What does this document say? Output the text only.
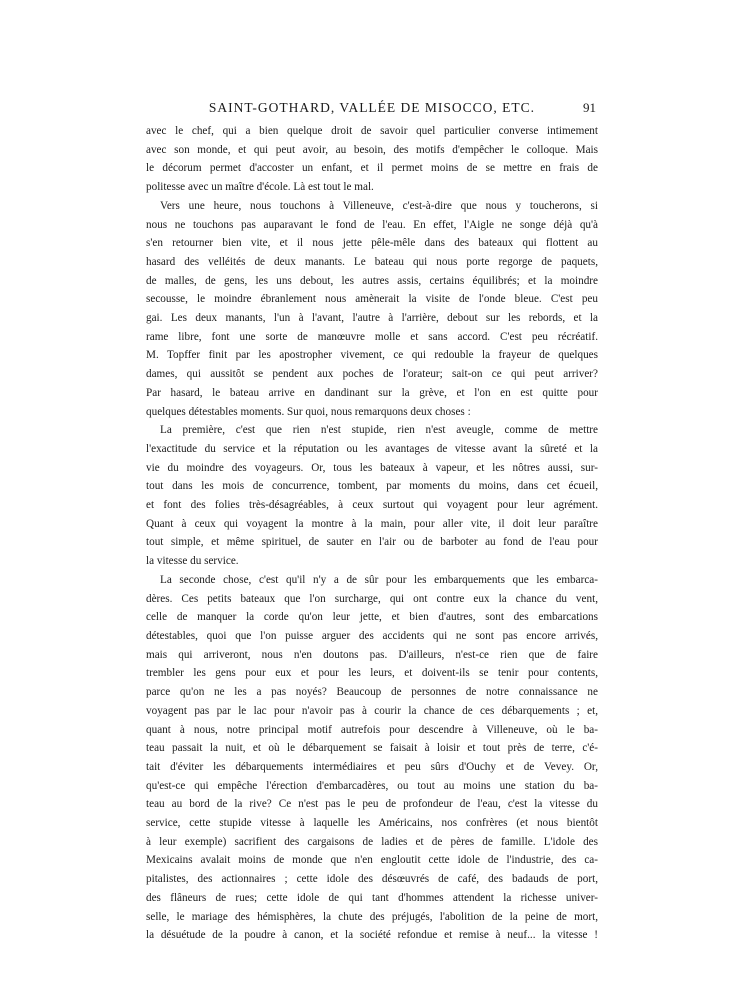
SAINT-GOTHARD, VALLÉE DE MISOCCO, ETC.	91
avec le chef, qui a bien quelque droit de savoir quel particulier converse intimement
avec son monde, et qui peut avoir, au besoin, des motifs d'empêcher le colloque. Mais
le décorum permet d'accoster un enfant, et il permet moins de se mettre en frais de
politesse avec un maître d'école. Là est tout le mal.
Vers une heure, nous touchons à Villeneuve, c'est-à-dire que nous y toucherons, si
nous ne touchons pas auparavant le fond de l'eau. En effet, l'Aigle ne songe déjà qu'à
s'en retourner bien vite, et il nous jette pêle-mêle dans des bateaux qui flottent au
hasard des velléités de deux manants. Le bateau qui nous porte regorge de paquets,
de malles, de gens, les uns debout, les autres assis, certains équilibrés; et la moindre
secousse, le moindre ébranlement nous amènerait la visite de l'onde bleue. C'est peu
gai. Les deux manants, l'un à l'avant, l'autre à l'arrière, debout sur les rebords, et la
rame libre, font une sorte de manœuvre molle et sans accord. C'est peu récréatif.
M. Topffer finit par les apostropher vivement, ce qui redouble la frayeur de quelques
dames, qui aussitôt se pendent aux poches de l'orateur; sait-on ce qui peut arriver?
Par hasard, le bateau arrive en dandinant sur la grève, et l'on en est quitte pour
quelques détestables moments. Sur quoi, nous remarquons deux choses :
La première, c'est que rien n'est stupide, rien n'est aveugle, comme de mettre
l'exactitude du service et la réputation ou les avantages de vitesse avant la sûreté et la
vie du moindre des voyageurs. Or, tous les bateaux à vapeur, et les nôtres aussi, sur-
tout dans les mois de concurrence, tombent, par moments du moins, dans cet écueil,
et font des folies très-désagréables, à ceux surtout qui voyagent pour leur agrément.
Quant à ceux qui voyagent la montre à la main, pour aller vite, il doit leur paraître
tout simple, et même spirituel, de sauter en l'air ou de barboter au fond de l'eau pour
la vitesse du service.
La seconde chose, c'est qu'il n'y a de sûr pour les embarquements que les embarca-
dères. Ces petits bateaux que l'on surcharge, qui ont contre eux la chance du vent,
celle de manquer la corde qu'on leur jette, et bien d'autres, sont des embarcations
détestables, quoi que l'on puisse arguer des accidents qui ne sont pas encore arrivés,
mais qui arriveront, nous n'en doutons pas. D'ailleurs, n'est-ce rien que de faire
trembler les gens pour eux et pour les leurs, et doivent-ils se tenir pour contents,
parce qu'on ne les a pas noyés? Beaucoup de personnes de notre connaissance ne
voyagent pas par le lac pour n'avoir pas à courir la chance de ces débarquements ; et,
quant à nous, notre principal motif autrefois pour descendre à Villeneuve, où le ba-
teau passait la nuit, et où le débarquement se faisait à loisir et tout près de terre, c'é-
tait d'éviter les débarquements intermédiaires et peu sûrs d'Ouchy et de Vevey. Or,
qu'est-ce qui empêche l'érection d'embarcadères, ou tout au moins une station du ba-
teau au bord de la rive? Ce n'est pas le peu de profondeur de l'eau, c'est la vitesse du
service, cette stupide vitesse à laquelle les Américains, nos confrères (et nous bientôt
à leur exemple) sacrifient des cargaisons de ladies et de pères de famille. L'idole des
Mexicains avalait moins de monde que n'en engloutit cette idole de l'industrie, des ca-
pitalistes, des actionnaires ; cette idole des désœuvrés de café, des badauds de port,
des flâneurs de rues; cette idole de qui tant d'hommes attendent la richesse univer-
selle, le mariage des hémisphères, la chute des préjugés, l'abolition de la peine de mort,
la désuétude de la poudre à canon, et la société refondue et remise à neuf... la vitesse !
